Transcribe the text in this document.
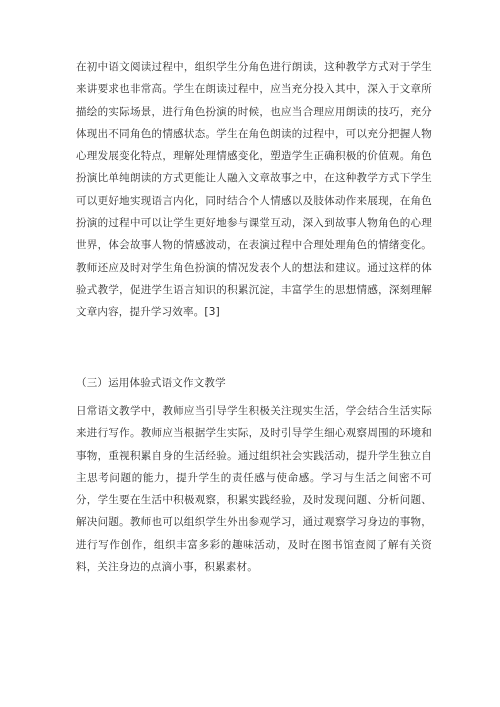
在初中语文阅读过程中，组织学生分角色进行朗读，这种教学方式对于学生来讲要求也非常高。学生在朗读过程中，应当充分投入其中，深入于文章所描绘的实际场景，进行角色扮演的时候，也应当合理应用朗读的技巧，充分体现出不同角色的情感状态。学生在角色朗读的过程中，可以充分把握人物心理发展变化特点，理解处理情感变化，塑造学生正确积极的价值观。角色扮演比单纯朗读的方式更能让人融入文章故事之中，在这种教学方式下学生可以更好地实现语言内化，同时结合个人情感以及肢体动作来展现，在角色扮演的过程中可以让学生更好地参与课堂互动，深入到故事人物角色的心理世界，体会故事人物的情感波动，在表演过程中合理处理角色的情绪变化。教师还应及时对学生角色扮演的情况发表个人的想法和建议。通过这样的体验式教学，促进学生语言知识的积累沉淀，丰富学生的思想情感，深刻理解文章内容，提升学习效率。[3]

（三）运用体验式语文作文教学

日常语文教学中，教师应当引导学生积极关注现实生活，学会结合生活实际来进行写作。教师应当根据学生实际，及时引导学生细心观察周围的环境和事物，重视积累自身的生活经验。通过组织社会实践活动，提升学生独立自主思考问题的能力，提升学生的责任感与使命感。学习与生活之间密不可分，学生要在生活中积极观察，积累实践经验，及时发现问题、分析问题、解决问题。教师也可以组织学生外出参观学习，通过观察学习身边的事物，进行写作创作，组织丰富多彩的趣味活动，及时在图书馆查阅了解有关资料，关注身边的点滴小事，积累素材。
